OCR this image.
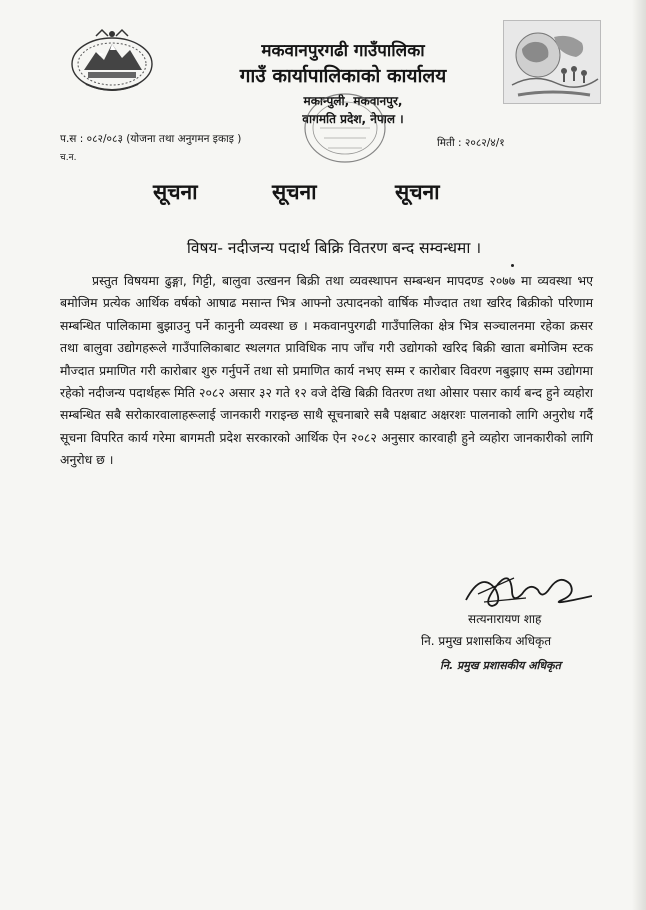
मकवानपुरगढी गाउँपालिका
गाउँ कार्यापालिकाको कार्यालय
मकान्पुली, मकवानपुर,
वागमति प्रदेश, नेपाल ।
प.स : ०८२/०८३ (योजना तथा अनुगमन इकाइ )
च.न.
मिती : २०८२/४/१
सूचना	सूचना	सूचना
विषय- नदीजन्य पदार्थ बिक्रि वितरण बन्द सम्वन्धमा ।
प्रस्तुत विषयमा ढुङ्गा, गिट्टी, बालुवा उत्खनन बिक्री तथा व्यवस्थापन सम्बन्धन मापदण्ड २०७७ मा व्यवस्था भए बमोजिम प्रत्येक आर्थिक वर्षको आषाढ मसान्त भित्र आफ्नो उत्पादनको वार्षिक मौज्दात तथा खरिद बिक्रीको परिणाम सम्बन्धित पालिकामा बुझाउनु पर्ने कानुनी व्यवस्था छ । मकवानपुरगढी गाउँपालिका क्षेत्र भित्र सञ्चालनमा रहेका क्रसर तथा बालुवा उद्योगहरूले गाउँपालिकाबाट स्थलगत प्राविधिक नाप जाँच गरी उद्योगको खरिद बिक्री खाता बमोजिम स्टक मौज्दात प्रमाणित गरी कारोबार शुरु गर्नुपर्ने तथा सो प्रमाणित कार्य नभए सम्म र कारोबार विवरण नबुझाए सम्म उद्योगमा रहेको नदीजन्य पदार्थहरू मिति २०८२ असार ३२ गते १२ वजे देखि बिक्री वितरण तथा ओसार पसार कार्य बन्द हुने व्यहोरा सम्बन्धित सबै सरोकारवालाहरूलाई जानकारी गराइन्छ साथै सूचनाबारे सबै पक्षबाट अक्षरशः पालनाको लागि अनुरोध गर्दै सूचना विपरित कार्य गरेमा बागमती प्रदेश सरकारको आर्थिक ऐन २०८२ अनुसार कारवाही हुने व्यहोरा जानकारीको लागि अनुरोध छ ।
सत्यनारायण शाह
नि. प्रमुख प्रशासकिय अधिकृत
नि. प्रमुख प्रशासकीय अधिकृत
